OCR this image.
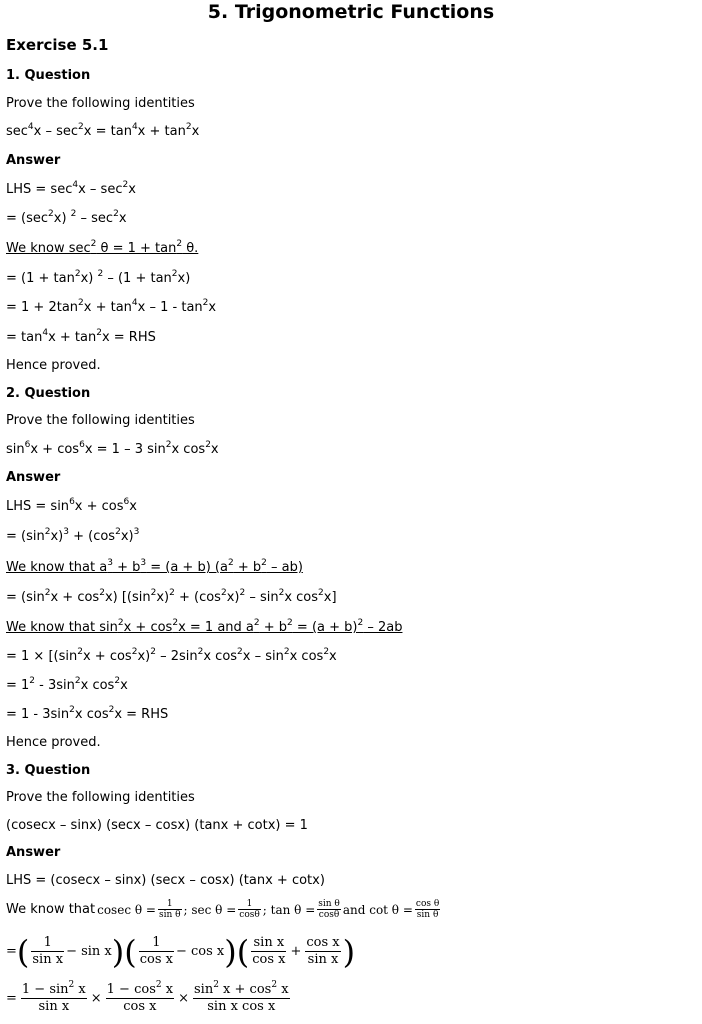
5. Trigonometric Functions
Exercise 5.1
1. Question
Prove the following identities
$\sec^4x - \sec^2x = \tan^4x + \tan^2x$
Answer
LHS = $\sec^4x - \sec^2x$
= $(\sec^2x)$ $^2 - \sec^2x$
We know $\sec^2 \theta = 1 + \tan^2 \theta$.
= $(1 + \tan^2x)$ $^2 - (1 + \tan^2x)$
= $1 + 2\tan^2x + \tan^4x - 1 - \tan^2x$
= $\tan^4x + \tan^2x$ = RHS
Hence proved.
2. Question
Prove the following identities
$\sin^6x + \cos^6x = 1 - 3$ $\sin^2x$ $\cos^2x$
Answer
LHS = $\sin^6x + \cos^6x$
= $(\sin^2x)^3 + (\cos^2x)^3$
We know that $a^3 + b^3 = (a + b) (a^2 + b^2 - ab)$
= $(\sin^2x + \cos^2x) [(\sin^2x)^2 + (\cos^2x)^2 - \sin^2x$ $\cos^2x$]
We know that $\sin^2x + \cos^2x = 1$ and $a^2 + b^2 = (a + b)^2 - 2ab$
= $1 \times [(\sin^2x + \cos^2x)^2 - 2\sin^2x$ $\cos^2x - \sin^2x$ $\cos^2x$
= $1^2 - 3\sin^2x$ $\cos^2x$
= $1 - 3\sin^2x$ $\cos^2x$ = RHS
Hence proved.
3. Question
Prove the following identities
(cosecx – sinx) (secx – cosx) (tanx + cotx) = 1
Answer
LHS = (cosecx – sinx) (secx – cosx) (tanx + cotx)
We know that cosec $\theta = \frac{1}{\text{sin θ}}$ ; $\sec \theta = \frac{1}{\cos\theta}$ ; $\tan \theta = \frac{\text{sin θ}}{\cos\theta}$ and $\cot \theta = \frac{\text{cos θ}}{\text{sin θ}}$
= ( $\frac{1}{\text{sin x}} - \sin x$ ) ( $\frac{1}{\text{cos x}} - \cos x$ ) ( $\frac{\text{sin x}}{\text{cos x}} + \frac{\text{cos x}}{\text{sin x}}$ )
= $\frac{1 - \sin^2 x}{\text{sin x}} \times \frac{1 - \cos^2 x}{\text{cos x}} \times \frac{\sin^2 x + \cos^2 x}{\text{sin x cos x}}$
